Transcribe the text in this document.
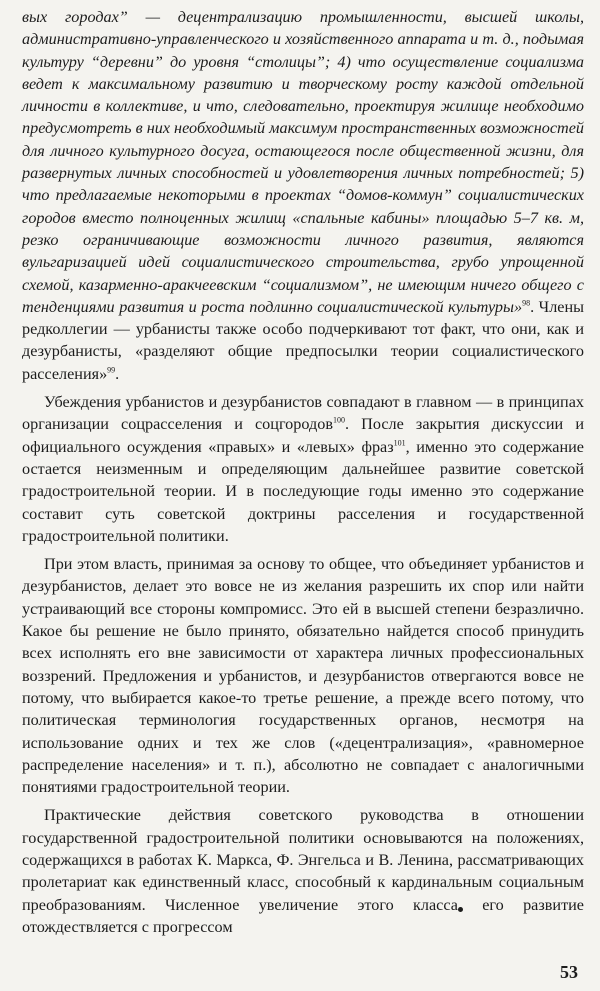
вых городах” — децентрализацию промышленности, высшей школы, административно-управленческого и хозяйственного аппарата и т. д., подымая культуру “деревни” до уровня “столицы”; 4) что осуществление социализма ведет к максимальному развитию и творческому росту каждой отдельной личности в коллективе, и что, следовательно, проектируя жилище необходимо предусмотреть в них необходимый максимум пространственных возможностей для личного культурного досуга, остающегося после общественной жизни, для развернутых личных способностей и удовлетворения личных потребностей; 5) что предлагаемые некоторыми в проектах “домов-коммун” социалистических городов вместо полноценных жилищ «спальные кабины» площадью 5–7 кв. м, резко ограничивающие возможности личного развития, являются вульгаризацией идей социалистического строительства, грубо упрощенной схемой, казарменно-аракчеевским “социализмом”, не имеющим ничего общего с тенденциями развития и роста подлинно социалистической культуры»$^{98}$. Члены редколлегии — урбанисты также особо подчеркивают тот факт, что они, как и дезурбанисты, «разделяют общие предпосылки теории социалистического расселения»$^{99}$.

Убеждения урбанистов и дезурбанистов совпадают в главном — в принципах организации соцрасселения и соцгородов$^{100}$. После закрытия дискуссии и официального осуждения «правых» и «левых» фраз$^{101}$, именно это содержание остается неизменным и определяющим дальнейшее развитие советской градостроительной теории. И в последующие годы именно это содержание составит суть советской доктрины расселения и государственной градостроительной политики.

При этом власть, принимая за основу то общее, что объединяет урбанистов и дезурбанистов, делает это вовсе не из желания разрешить их спор или найти устраивающий все стороны компромисс. Это ей в высшей степени безразлично. Какое бы решение не было принято, обязательно найдется способ принудить всех исполнять его вне зависимости от характера личных профессиональных воззрений. Предложения и урбанистов, и дезурбанистов отвергаются вовсе не потому, что выбирается какое-то третье решение, а прежде всего потому, что политическая терминология государственных органов, несмотря на использование одних и тех же слов («децентрализация», «равномерное распределение населения» и т. п.), абсолютно не совпадает с аналогичными понятиями градостроительной теории.

Практические действия советского руководства в отношении государственной градостроительной политики основываются на положениях, содержащихся в работах К. Маркса, Ф. Энгельса и В. Ленина, рассматривающих пролетариат как единственный класс, способный к кардинальным социальным преобразованиям. Численное увеличение этого класса его развитие отождествляется с прогрессом

53
